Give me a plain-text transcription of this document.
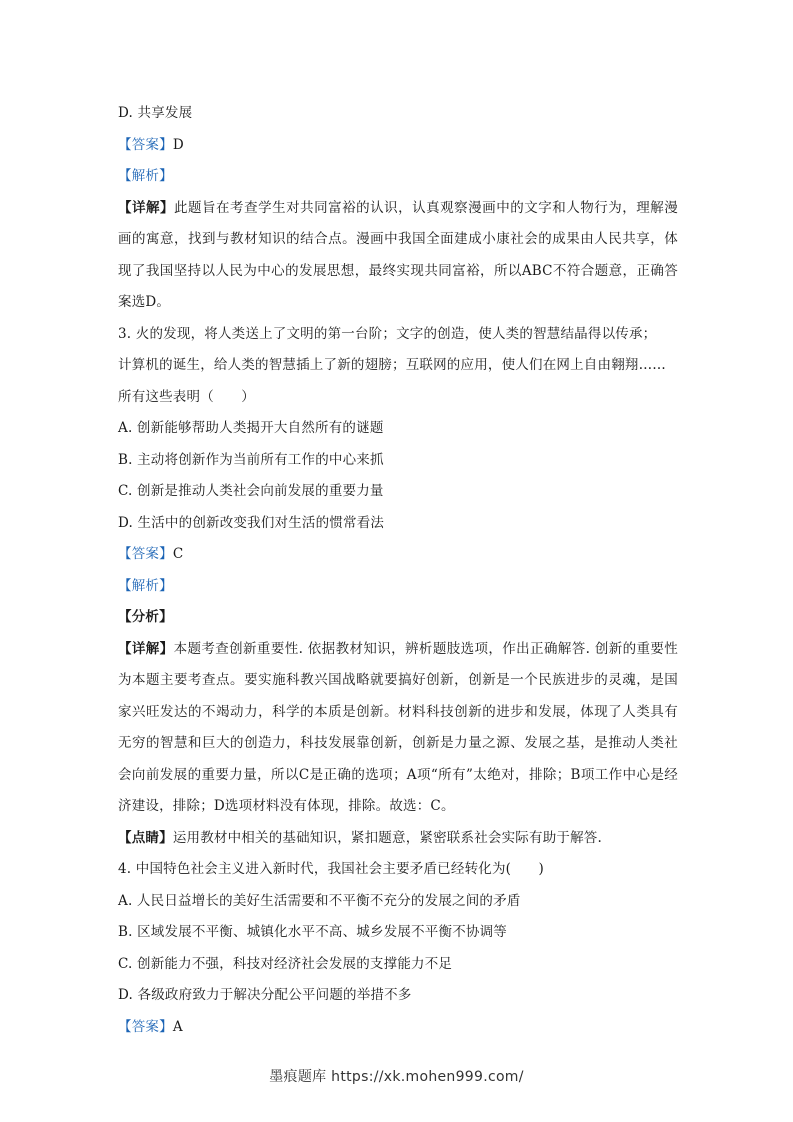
D. 共享发展
【答案】D
【解析】
【详解】此题旨在考查学生对共同富裕的认识，认真观察漫画中的文字和人物行为，理解漫画的寓意，找到与教材知识的结合点。漫画中我国全面建成小康社会的成果由人民共享，体现了我国坚持以人民为中心的发展思想，最终实现共同富裕，所以ABC不符合题意，正确答案选D。
3. 火的发现，将人类送上了文明的第一台阶；文字的创造，使人类的智慧结晶得以传承；
计算机的诞生，给人类的智慧插上了新的翅膀；互联网的应用，使人们在网上自由翱翔……
所有这些表明（　　）
A. 创新能够帮助人类揭开大自然所有的谜题
B. 主动将创新作为当前所有工作的中心来抓
C. 创新是推动人类社会向前发展的重要力量
D. 生活中的创新改变我们对生活的惯常看法
【答案】C
【解析】
【分析】
【详解】本题考查创新重要性. 依据教材知识，辨析题肢选项，作出正确解答. 创新的重要性为本题主要考查点。要实施科教兴国战略就要搞好创新，创新是一个民族进步的灵魂，是国家兴旺发达的不竭动力，科学的本质是创新。材料科技创新的进步和发展，体现了人类具有无穷的智慧和巨大的创造力，科技发展靠创新，创新是力量之源、发展之基，是推动人类社会向前发展的重要力量，所以C是正确的选项；A项“所有”太绝对，排除；B项工作中心是经济建设，排除；D选项材料没有体现，排除。故选：C。
【点睛】运用教材中相关的基础知识，紧扣题意，紧密联系社会实际有助于解答.
4. 中国特色社会主义进入新时代，我国社会主要矛盾已经转化为(　　)
A. 人民日益增长的美好生活需要和不平衡不充分的发展之间的矛盾
B. 区域发展不平衡、城镇化水平不高、城乡发展不平衡不协调等
C. 创新能力不强，科技对经济社会发展的支撑能力不足
D. 各级政府致力于解决分配公平问题的举措不多
【答案】A
墨痕题库 https://xk.mohen999.com/
